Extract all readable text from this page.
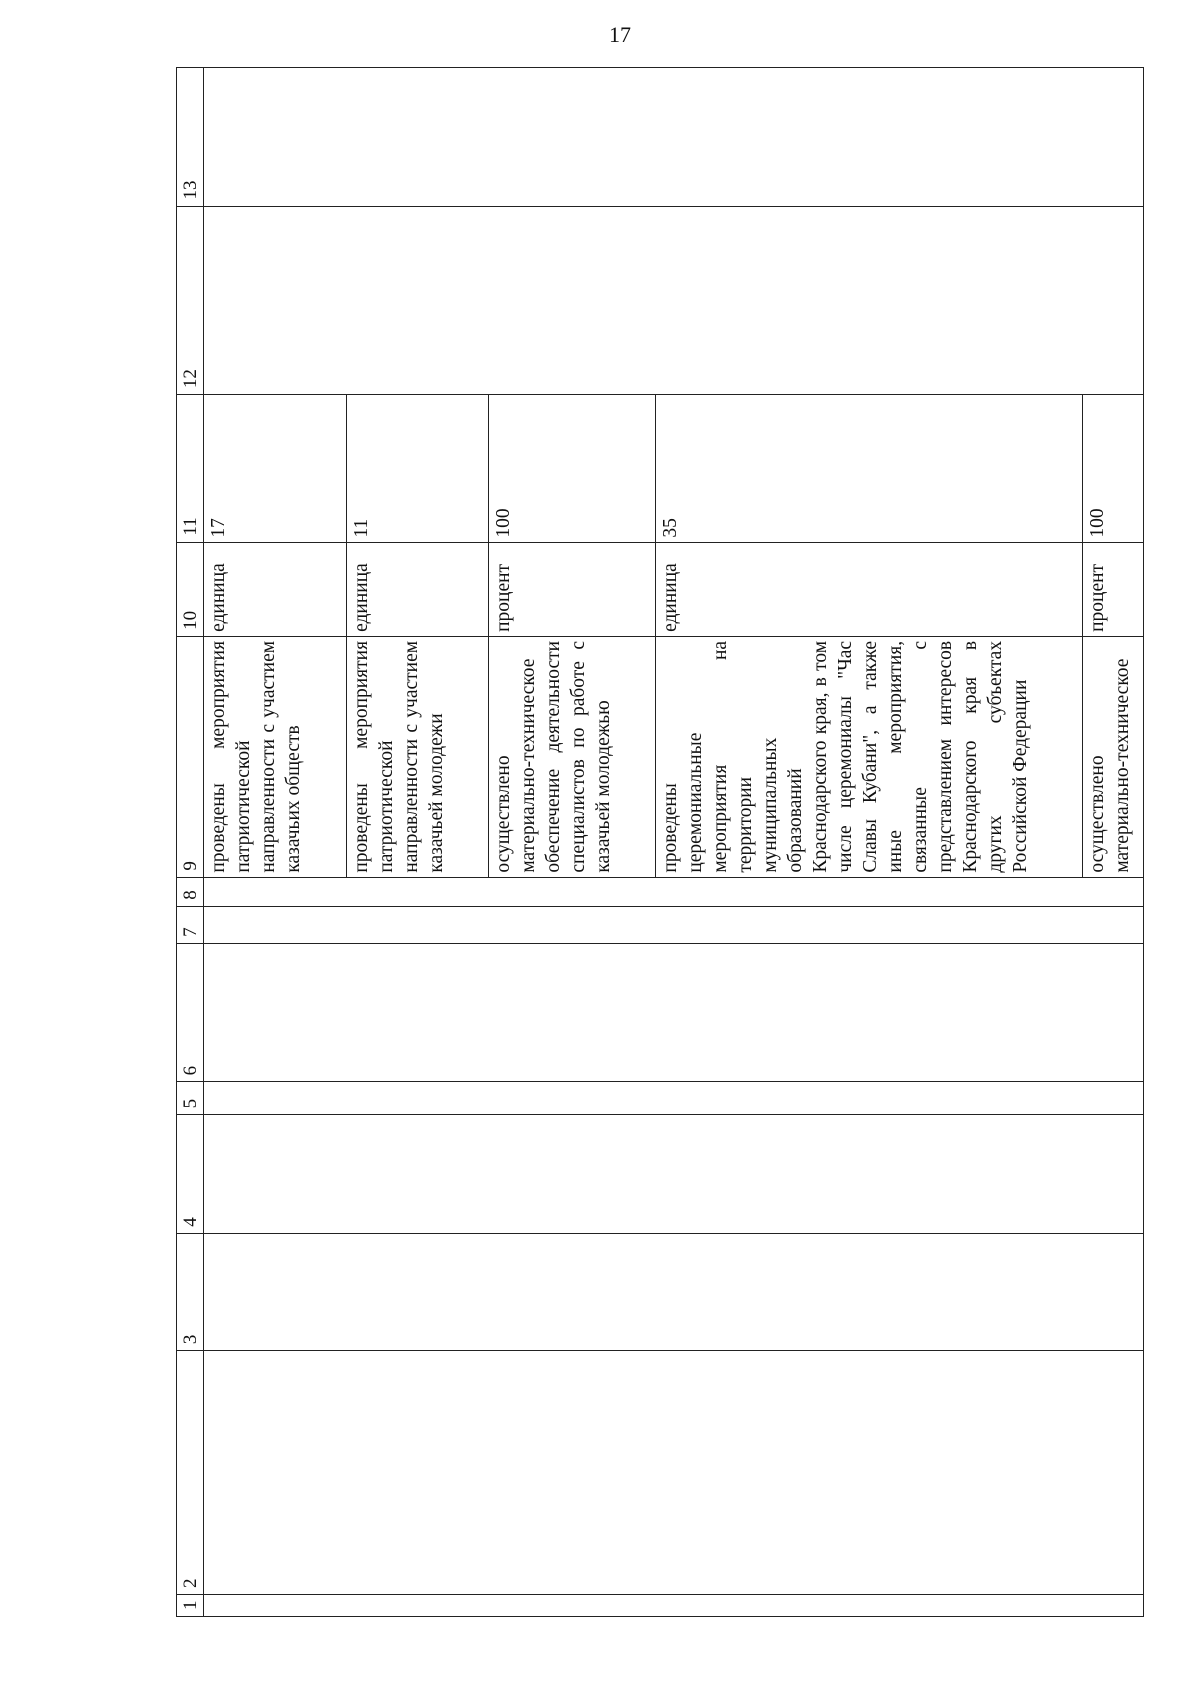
17
1	2	3	4	5	6	7	8	9	10	11	12	13
								проведены мероприятия патриотической направленности с участием казачьих обществ	единица	17		
								проведены мероприятия патриотической направленности с участием казачьей молодежи	единица	11		
								осуществлено материально-техническое обеспечение деятельности специалистов по работе с казачьей молодежью	процент	100		
								проведены церемониальные мероприятия на территории муниципальных образований Краснодарского края, в том числе церемониалы "Час Славы Кубани", а также иные мероприятия, связанные с представлением интересов Краснодарского края в других субъектах Российской Федерации	единица	35		
								осуществлено материально-техническое	процент	100		
